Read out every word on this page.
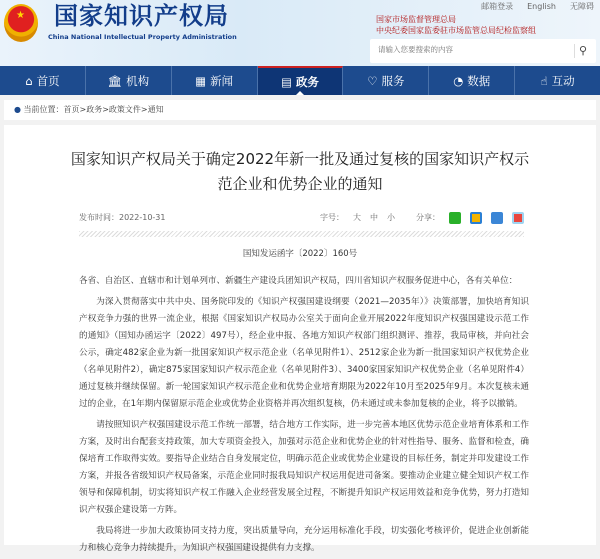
★ 国家知识产权局
China National Intellectual Property Administration
邮箱登录 English 无障碍
国家市场监督管理总局
中央纪委国家监委驻市场监管总局纪检监察组
请输入您要搜索的内容
⚲
⌂ 首页	🏛 机构	▦ 新闻	▤ 政务	♡ 服务	◔ 数据	☝ 互动
● 当前位置：首页>政务>政策文件>通知
国家知识产权局关于确定2022年新一批及通过复核的国家知识产权示范企业和优势企业的通知
发布时间：2022-10-31	字号： 大 中 小	分享：
国知发运函字〔2022〕160号

各省、自治区、直辖市和计划单列市、新疆生产建设兵团知识产权局，四川省知识产权服务促进中心，各有关单位：

为深入贯彻落实中共中央、国务院印发的《知识产权强国建设纲要（2021—2035年）》决策部署，加快培育知识产权竞争力强的世界一流企业，根据《国家知识产权局办公室关于面向企业开展2022年度知识产权强国建设示范工作的通知》（国知办函运字〔2022〕497号），经企业申报、各地方知识产权部门组织测评、推荐，我局审核，并向社会公示，确定482家企业为新一批国家知识产权示范企业（名单见附件1）、2512家企业为新一批国家知识产权优势企业（名单见附件2），确定875家国家知识产权示范企业（名单见附件3）、3400家国家知识产权优势企业（名单见附件4）通过复核并继续保留。新一轮国家知识产权示范企业和优势企业培育期限为2022年10月至2025年9月。本次复核未通过的企业，在1年期内保留原示范企业或优势企业资格并再次组织复核，仍未通过或未参加复核的企业，将予以撤销。

请按照知识产权强国建设示范工作统一部署，结合地方工作实际，进一步完善本地区优势示范企业培育体系和工作方案，及时出台配套支持政策，加大专项资金投入，加强对示范企业和优势企业的针对性指导、服务、监督和检查，确保培育工作取得实效。要指导企业结合自身发展定位，明确示范企业或优势企业建设的目标任务，制定并印发建设工作方案，并报各省级知识产权局备案，示范企业同时报我局知识产权运用促进司备案。要推动企业建立健全知识产权工作领导和保障机制，切实将知识产权工作融入企业经营发展全过程，不断提升知识产权运用效益和竞争优势，努力打造知识产权强企建设第一方阵。

我局将进一步加大政策协同支持力度，突出质量导向，充分运用标准化手段，切实强化考核评价，促进企业创新能力和核心竞争力持续提升，为知识产权强国建设提供有力支撑。
